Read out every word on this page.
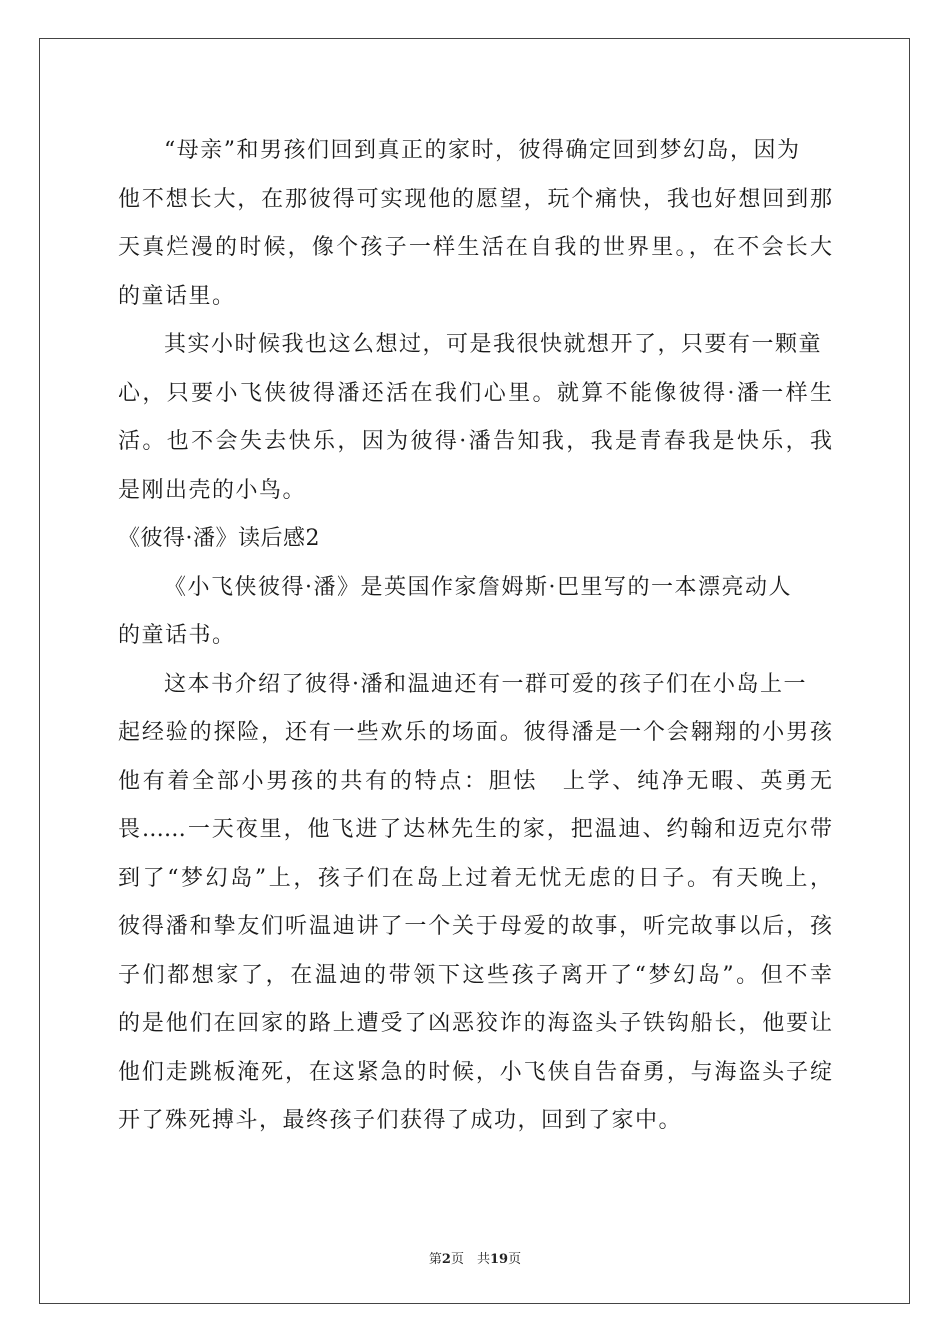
“母亲”和男孩们回到真正的家时，彼得确定回到梦幻岛，因为
他不想长大，在那彼得可实现他的愿望，玩个痛快，我也好想回到那
天真烂漫的时候，像个孩子一样生活在自我的世界里。，在不会长大
的童话里。
其实小时候我也这么想过，可是我很快就想开了，只要有一颗童
心，只要小飞侠彼得潘还活在我们心里。就算不能像彼得·潘一样生
活。也不会失去快乐，因为彼得·潘告知我，我是青春我是快乐，我
是刚出壳的小鸟。
《彼得·潘》读后感2
《小飞侠彼得·潘》是英国作家詹姆斯·巴里写的一本漂亮动人
的童话书。
这本书介绍了彼得·潘和温迪还有一群可爱的孩子们在小岛上一
起经验的探险，还有一些欢乐的场面。彼得潘是一个会翱翔的小男孩
他有着全部小男孩的共有的特点：胆怯　上学、纯净无暇、英勇无
畏……一天夜里，他飞进了达林先生的家，把温迪、约翰和迈克尔带
到了“梦幻岛”上，孩子们在岛上过着无忧无虑的日子。有天晚上，
彼得潘和挚友们听温迪讲了一个关于母爱的故事，听完故事以后，孩
子们都想家了，在温迪的带领下这些孩子离开了“梦幻岛”。但不幸
的是他们在回家的路上遭受了凶恶狡诈的海盗头子铁钩船长，他要让
他们走跳板淹死，在这紧急的时候，小飞侠自告奋勇，与海盗头子绽
开了殊死搏斗，最终孩子们获得了成功，回到了家中。
第2页　共19页
